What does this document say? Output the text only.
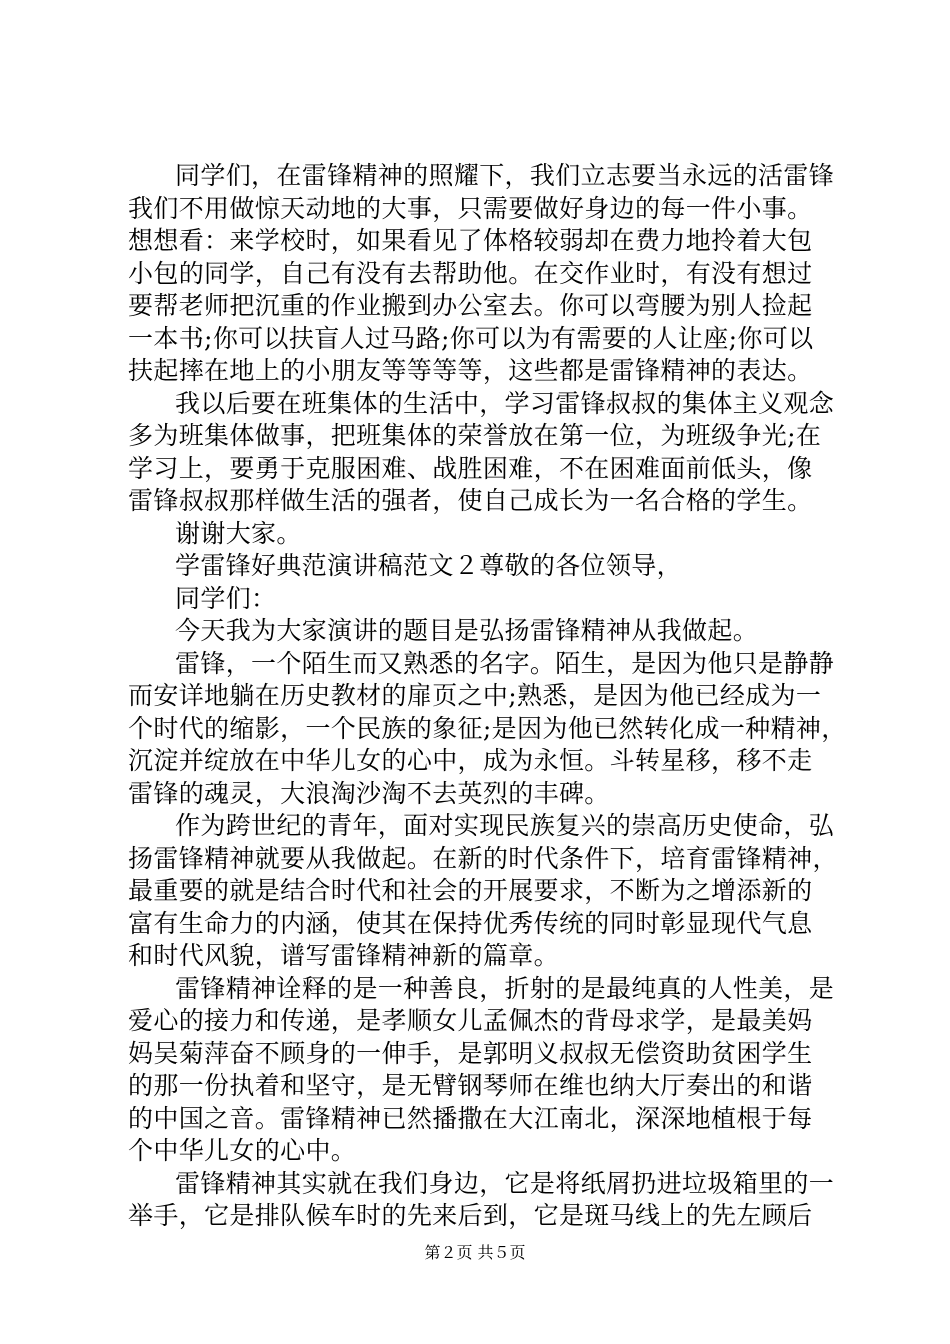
同学们，在雷锋精神的照耀下，我们立志要当永远的活雷锋
我们不用做惊天动地的大事，只需要做好身边的每一件小事。
想想看：来学校时，如果看见了体格较弱却在费力地拎着大包
小包的同学，自己有没有去帮助他。在交作业时，有没有想过
要帮老师把沉重的作业搬到办公室去。你可以弯腰为别人捡起
一本书;你可以扶盲人过马路;你可以为有需要的人让座;你可以
扶起摔在地上的小朋友等等等等，这些都是雷锋精神的表达。
我以后要在班集体的生活中，学习雷锋叔叔的集体主义观念
多为班集体做事，把班集体的荣誉放在第一位，为班级争光;在
学习上，要勇于克服困难、战胜困难，不在困难面前低头，像
雷锋叔叔那样做生活的强者，使自己成长为一名合格的学生。
谢谢大家。
学雷锋好典范演讲稿范文２尊敬的各位领导，
同学们：
今天我为大家演讲的题目是弘扬雷锋精神从我做起。
雷锋，一个陌生而又熟悉的名字。陌生，是因为他只是静静
而安详地躺在历史教材的扉页之中;熟悉，是因为他已经成为一
个时代的缩影，一个民族的象征;是因为他已然转化成一种精神，
沉淀并绽放在中华儿女的心中，成为永恒。斗转星移，移不走
雷锋的魂灵，大浪淘沙淘不去英烈的丰碑。
作为跨世纪的青年，面对实现民族复兴的崇高历史使命，弘
扬雷锋精神就要从我做起。在新的时代条件下，培育雷锋精神，
最重要的就是结合时代和社会的开展要求，不断为之增添新的
富有生命力的内涵，使其在保持优秀传统的同时彰显现代气息
和时代风貌，谱写雷锋精神新的篇章。
雷锋精神诠释的是一种善良，折射的是最纯真的人性美，是
爱心的接力和传递，是孝顺女儿孟佩杰的背母求学，是最美妈
妈吴菊萍奋不顾身的一伸手，是郭明义叔叔无偿资助贫困学生
的那一份执着和坚守，是无臂钢琴师在维也纳大厅奏出的和谐
的中国之音。雷锋精神已然播撒在大江南北，深深地植根于每
个中华儿女的心中。
雷锋精神其实就在我们身边，它是将纸屑扔进垃圾箱里的一
举手，它是排队候车时的先来后到，它是斑马线上的先左顾后
第２页 共５页
